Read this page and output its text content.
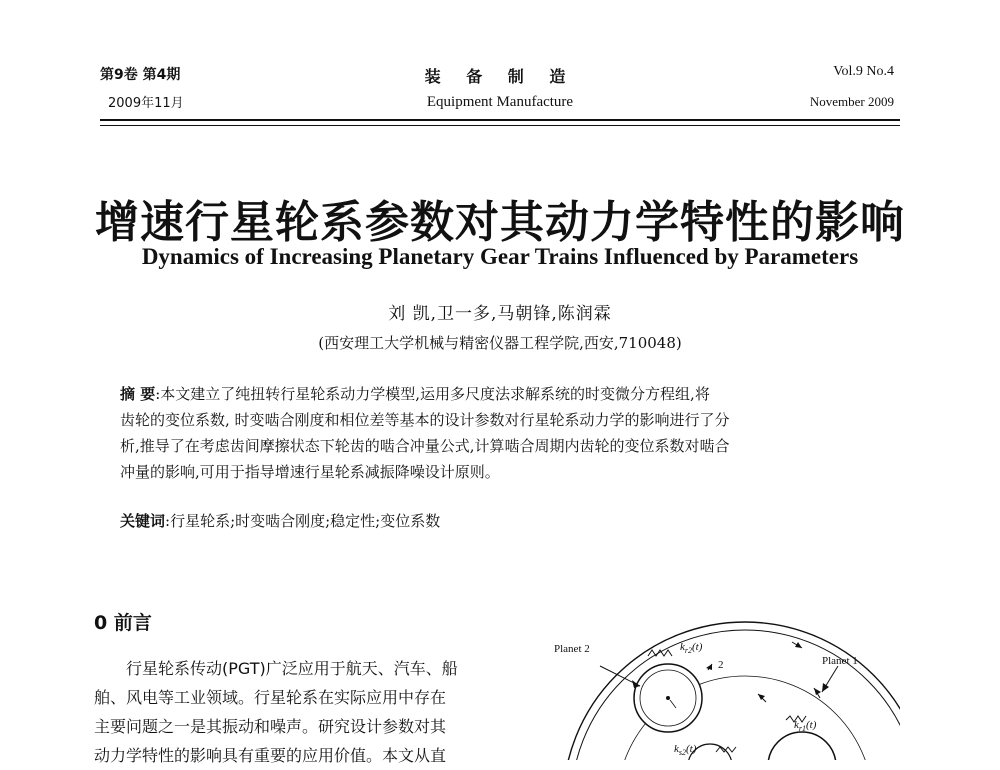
第9卷 第4期
2009年11月
装 备 制 造
Equipment Manufacture
Vol.9 No.4
November 2009
增速行星轮系参数对其动力学特性的影响
Dynamics of Increasing Planetary Gear Trains Influenced by Parameters
刘 凯,卫一多,马朝锋,陈润霖
(西安理工大学机械与精密仪器工程学院,西安,710048)
摘 要:本文建立了纯扭转行星轮系动力学模型,运用多尺度法求解系统的时变微分方程组,将
齿轮的变位系数, 时变啮合刚度和相位差等基本的设计参数对行星轮系动力学的影响进行了分
析,推导了在考虑齿间摩擦状态下轮齿的啮合冲量公式,计算啮合周期内齿轮的变位系数对啮合
冲量的影响,可用于指导增速行星轮系减振降噪设计原则。
关键词:行星轮系;时变啮合刚度;稳定性;变位系数
0 前言
行星轮系传动(PGT)广泛应用于航天、汽车、船
舶、风电等工业领域。行星轮系在实际应用中存在
主要问题之一是其振动和噪声。研究设计参数对其
动力学特性的影响具有重要的应用价值。本文从直
Planet 2
Planet 1
$k_{r2}(t)$
$k_{r1}(t)$
$k_{s2}(t)$
2
